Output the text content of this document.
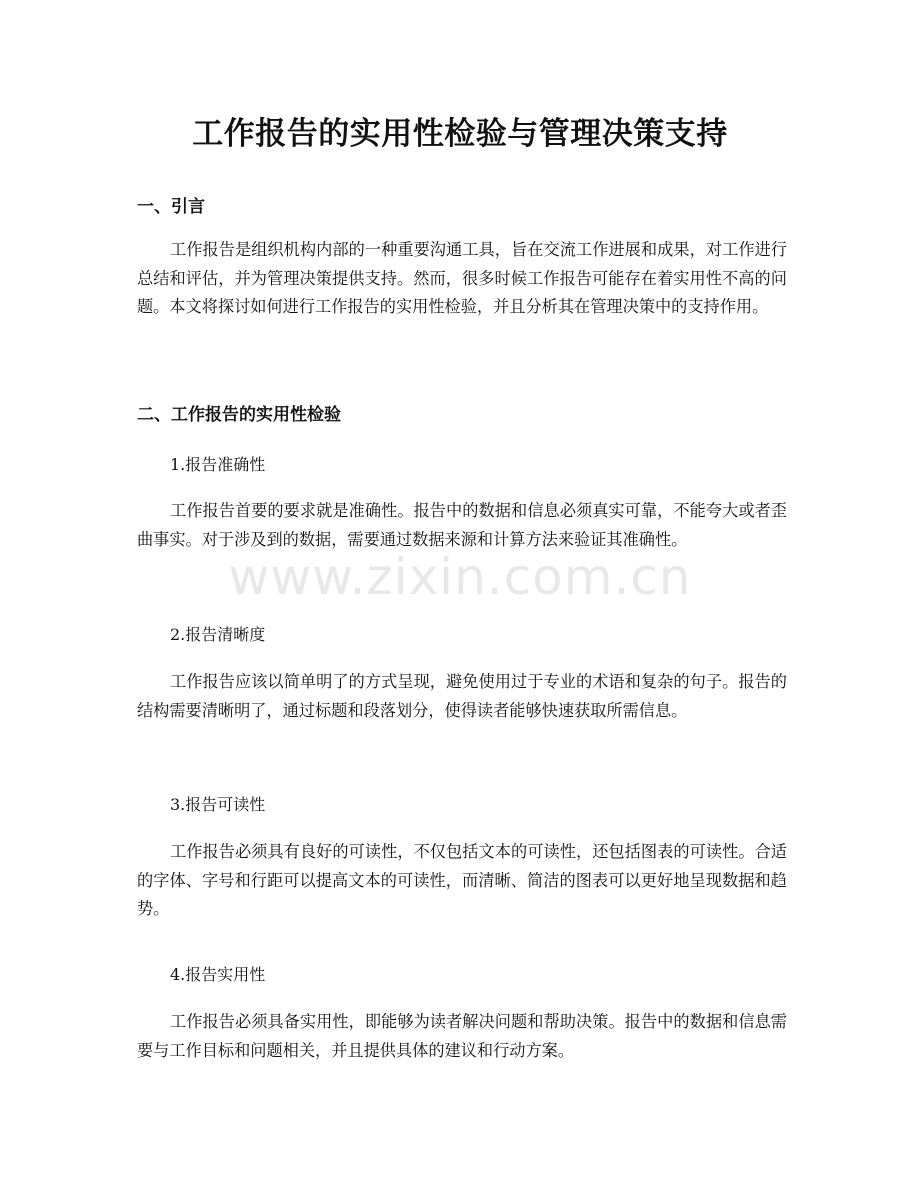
工作报告的实用性检验与管理决策支持
一、引言

工作报告是组织机构内部的一种重要沟通工具，旨在交流工作进展和成果，对工作进行总结和评估，并为管理决策提供支持。然而，很多时候工作报告可能存在着实用性不高的问题。本文将探讨如何进行工作报告的实用性检验，并且分析其在管理决策中的支持作用。

二、工作报告的实用性检验

1.报告准确性

工作报告首要的要求就是准确性。报告中的数据和信息必须真实可靠，不能夸大或者歪曲事实。对于涉及到的数据，需要通过数据来源和计算方法来验证其准确性。

2.报告清晰度

工作报告应该以简单明了的方式呈现，避免使用过于专业的术语和复杂的句子。报告的结构需要清晰明了，通过标题和段落划分，使得读者能够快速获取所需信息。

3.报告可读性

工作报告必须具有良好的可读性，不仅包括文本的可读性，还包括图表的可读性。合适的字体、字号和行距可以提高文本的可读性，而清晰、简洁的图表可以更好地呈现数据和趋势。

4.报告实用性

工作报告必须具备实用性，即能够为读者解决问题和帮助决策。报告中的数据和信息需要与工作目标和问题相关，并且提供具体的建议和行动方案。

www.zixin.com.cn
